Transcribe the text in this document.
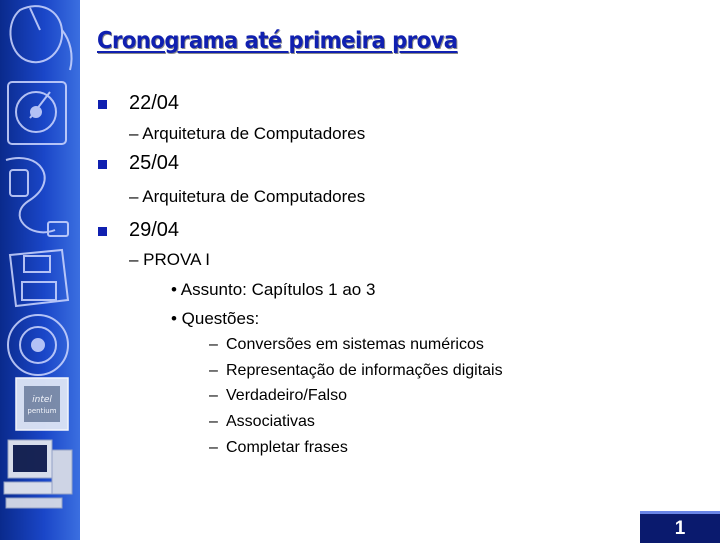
intel
pentium
Cronograma até primeira prova
22/04
– Arquitetura de Computadores
25/04
– Arquitetura de Computadores
29/04
– PROVA I
• Assunto: Capítulos 1 ao 3
• Questões:
– Conversões em sistemas numéricos
– Representação de informações digitais
– Verdadeiro/Falso
– Associativas
– Completar frases
1
